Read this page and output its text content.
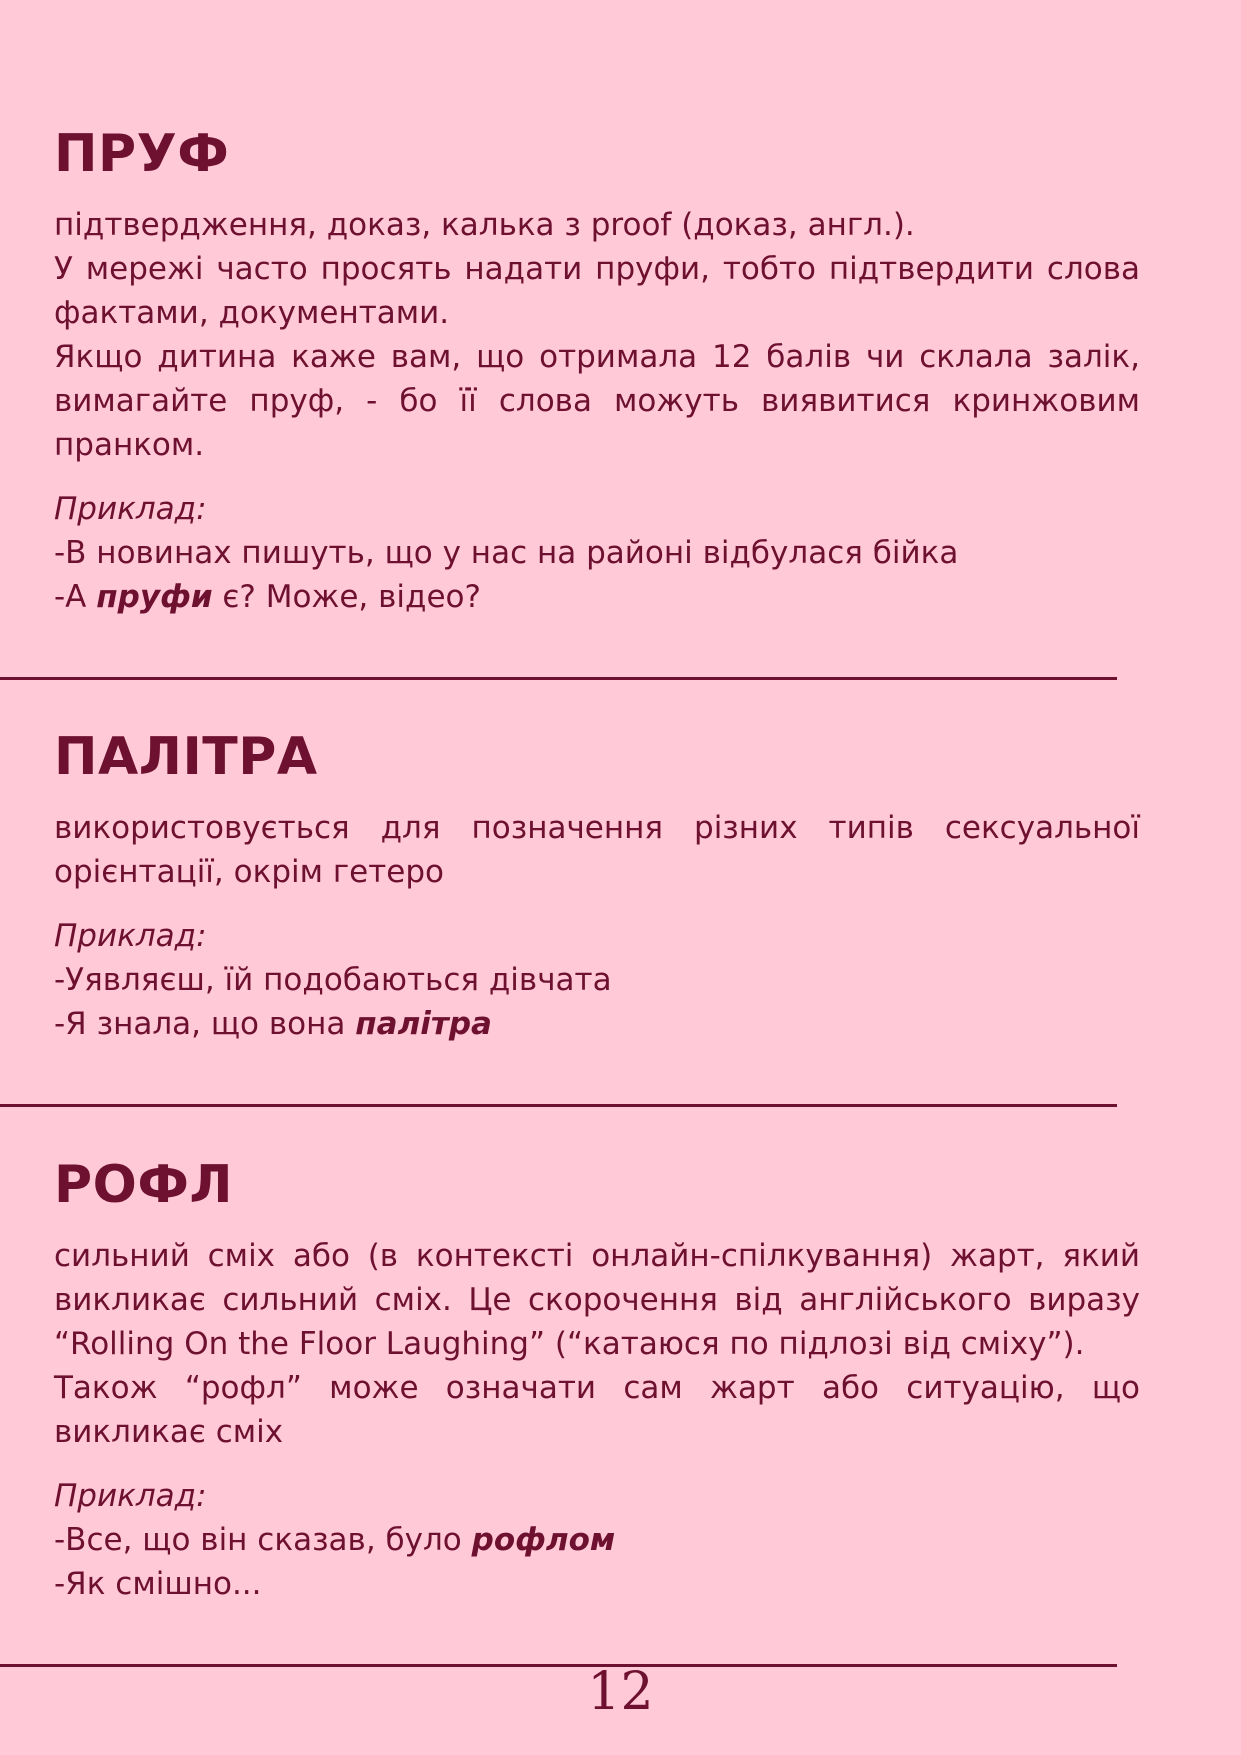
ПРУФ

підтвердження, доказ, калька з proof (доказ, англ.).

У мережі часто просять надати пруфи, тобто підтвердити слова фактами, документами.

Якщо дитина каже вам, що отримала 12 балів чи склала залік, вимагайте пруф, - бо її слова можуть виявитися кринжовим пранком.

Приклад:

-В новинах пишуть, що у нас на районі відбулася бійка

-А пруфи є? Може, відео?

ПАЛІТРА

використовується для позначення різних типів сексуальної орієнтації, окрім гетеро

Приклад:

-Уявляєш, їй подобаються дівчата

-Я знала, що вона палітра

РОФЛ

сильний сміх або (в контексті онлайн-спілкування) жарт, який викликає сильний сміх. Це скорочення від англійського виразу “Rolling On the Floor Laughing” (“катаюся по підлозі від сміху”).

Також “рофл” може означати сам жарт або ситуацію, що викликає сміх

Приклад:

-Все, що він сказав, було рофлом

-Як смішно...

12
